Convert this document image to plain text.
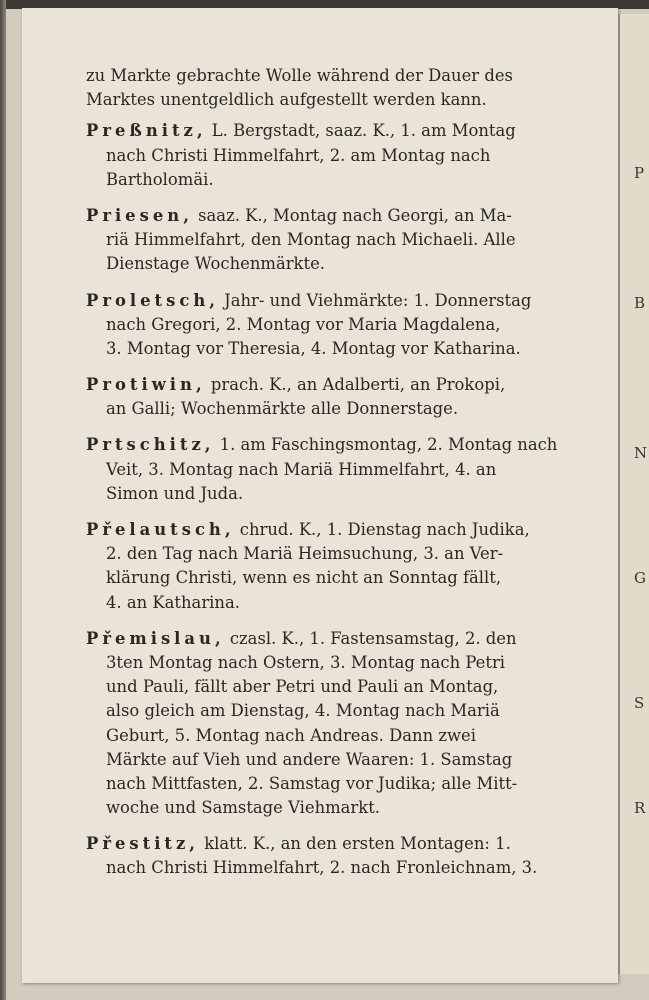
P
B
N
G
S
R
zu Markte gebrachte Wolle während der Dauer des
Marktes unentgeldlich aufgestellt werden kann.
Preßnitz, L. Bergstadt, saaz. K., 1. am Montag
nach Christi Himmelfahrt, 2. am Montag nach
Bartholomäi.
Priesen, saaz. K., Montag nach Georgi, an Ma-
riä Himmelfahrt, den Montag nach Michaeli. Alle
Dienstage Wochenmärkte.
Proletsch, Jahr- und Viehmärkte: 1. Donnerstag
nach Gregori, 2. Montag vor Maria Magdalena,
3. Montag vor Theresia, 4. Montag vor Katharina.
Protiwin, prach. K., an Adalberti, an Prokopi,
an Galli; Wochenmärkte alle Donnerstage.
Prtschitz, 1. am Faschingsmontag, 2. Montag nach
Veit, 3. Montag nach Mariä Himmelfahrt, 4. an
Simon und Juda.
Přelautsch, chrud. K., 1. Dienstag nach Judika,
2. den Tag nach Mariä Heimsuchung, 3. an Ver-
klärung Christi, wenn es nicht an Sonntag fällt,
4. an Katharina.
Přemislau, czasl. K., 1. Fastensamstag, 2. den
3ten Montag nach Ostern, 3. Montag nach Petri
und Pauli, fällt aber Petri und Pauli an Montag,
also gleich am Dienstag, 4. Montag nach Mariä
Geburt, 5. Montag nach Andreas. Dann zwei
Märkte auf Vieh und andere Waaren: 1. Samstag
nach Mittfasten, 2. Samstag vor Judika; alle Mitt-
woche und Samstage Viehmarkt.
Přestitz, klatt. K., an den ersten Montagen: 1.
nach Christi Himmelfahrt, 2. nach Fronleichnam, 3.
